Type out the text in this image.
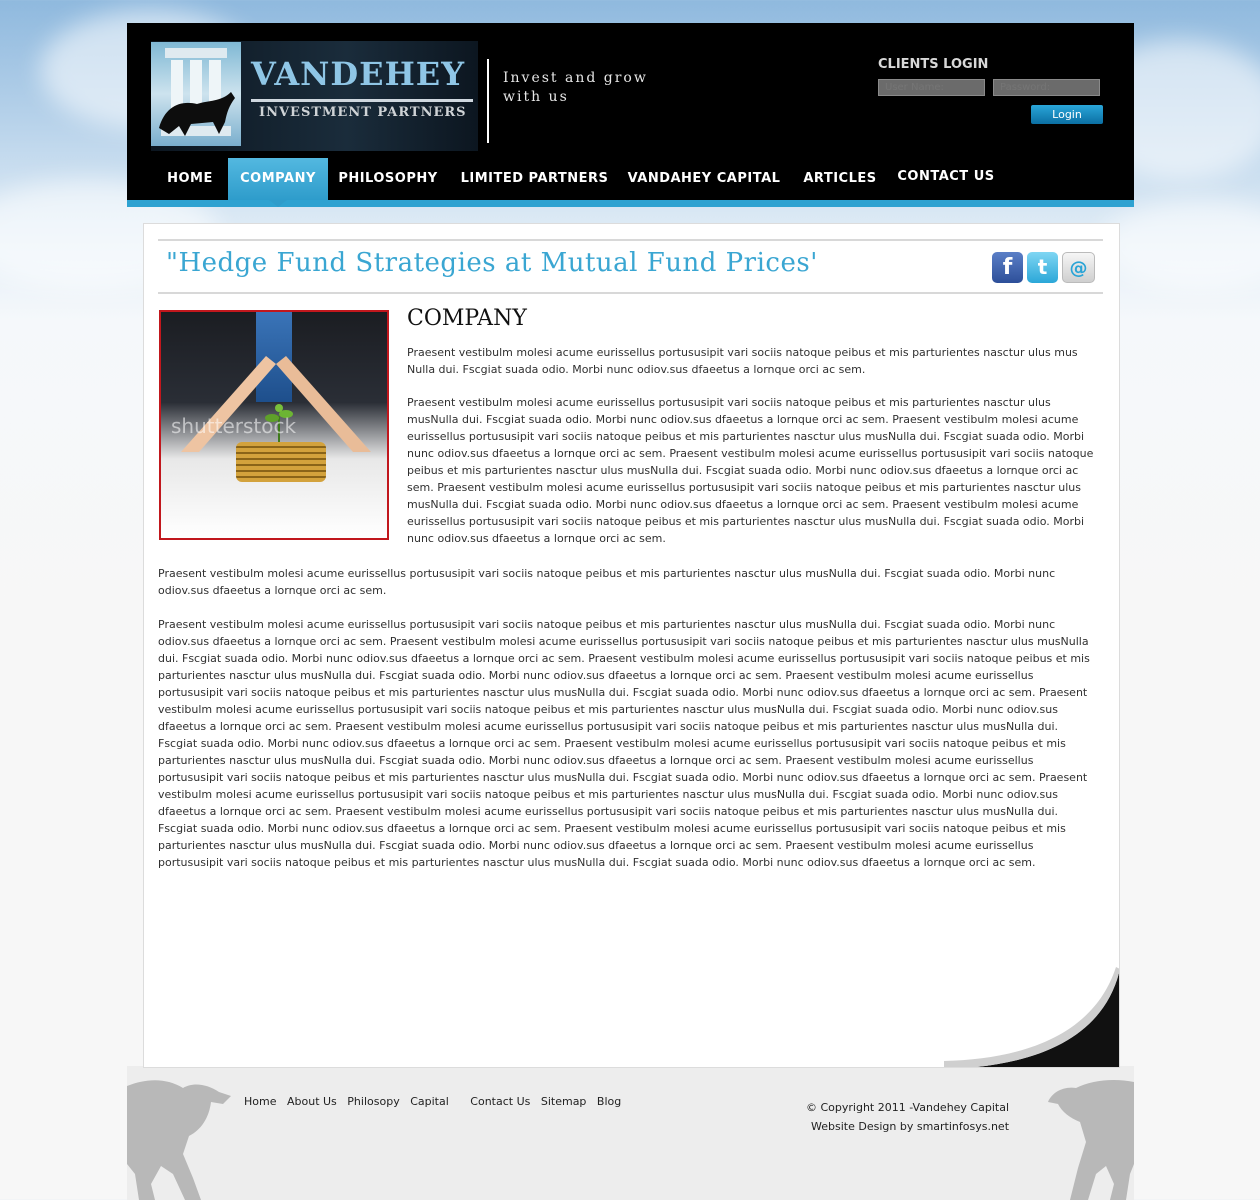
VANDEHEY
INVESTMENT PARTNERS
Invest and grow
with us
CLIENTS LOGIN
User Name:
Login
HOME	COMPANY	PHILOSOPHY	LIMITED PARTNERS	VANDAHEY CAPITAL	ARTICLES	CONTACT US
"Hedge Fund Strategies at Mutual Fund Prices'	f	t	@
shutterstock
COMPANY

Praesent vestibulm molesi acume eurissellus portususipit vari sociis natoque peibus et mis parturientes nasctur ulus mus Nulla dui. Fscgiat suada odio. Morbi nunc odiov.sus dfaeetus a lornque orci ac sem.

Praesent vestibulm molesi acume eurissellus portususipit vari sociis natoque peibus et mis parturientes nasctur ulus musNulla dui. Fscgiat suada odio. Morbi nunc odiov.sus dfaeetus a lornque orci ac sem. Praesent vestibulm molesi acume eurissellus portususipit vari sociis natoque peibus et mis parturientes nasctur ulus musNulla dui. Fscgiat suada odio. Morbi nunc odiov.sus dfaeetus a lornque orci ac sem. Praesent vestibulm molesi acume eurissellus portususipit vari sociis natoque peibus et mis parturientes nasctur ulus musNulla dui. Fscgiat suada odio. Morbi nunc odiov.sus dfaeetus a lornque orci ac sem. Praesent vestibulm molesi acume eurissellus portususipit vari sociis natoque peibus et mis parturientes nasctur ulus musNulla dui. Fscgiat suada odio. Morbi nunc odiov.sus dfaeetus a lornque orci ac sem. Praesent vestibulm molesi acume eurissellus portususipit vari sociis natoque peibus et mis parturientes nasctur ulus musNulla dui. Fscgiat suada odio. Morbi nunc odiov.sus dfaeetus a lornque orci ac sem.

Praesent vestibulm molesi acume eurissellus portususipit vari sociis natoque peibus et mis parturientes nasctur ulus musNulla dui. Fscgiat suada odio. Morbi nunc odiov.sus dfaeetus a lornque orci ac sem.

Praesent vestibulm molesi acume eurissellus portususipit vari sociis natoque peibus et mis parturientes nasctur ulus musNulla dui. Fscgiat suada odio. Morbi nunc odiov.sus dfaeetus a lornque orci ac sem. Praesent vestibulm molesi acume eurissellus portususipit vari sociis natoque peibus et mis parturientes nasctur ulus musNulla dui. Fscgiat suada odio. Morbi nunc odiov.sus dfaeetus a lornque orci ac sem. Praesent vestibulm molesi acume eurissellus portususipit vari sociis natoque peibus et mis parturientes nasctur ulus musNulla dui. Fscgiat suada odio. Morbi nunc odiov.sus dfaeetus a lornque orci ac sem. Praesent vestibulm molesi acume eurissellus portususipit vari sociis natoque peibus et mis parturientes nasctur ulus musNulla dui. Fscgiat suada odio. Morbi nunc odiov.sus dfaeetus a lornque orci ac sem. Praesent vestibulm molesi acume eurissellus portususipit vari sociis natoque peibus et mis parturientes nasctur ulus musNulla dui. Fscgiat suada odio. Morbi nunc odiov.sus dfaeetus a lornque orci ac sem. Praesent vestibulm molesi acume eurissellus portususipit vari sociis natoque peibus et mis parturientes nasctur ulus musNulla dui. Fscgiat suada odio. Morbi nunc odiov.sus dfaeetus a lornque orci ac sem. Praesent vestibulm molesi acume eurissellus portususipit vari sociis natoque peibus et mis parturientes nasctur ulus musNulla dui. Fscgiat suada odio. Morbi nunc odiov.sus dfaeetus a lornque orci ac sem. Praesent vestibulm molesi acume eurissellus portususipit vari sociis natoque peibus et mis parturientes nasctur ulus musNulla dui. Fscgiat suada odio. Morbi nunc odiov.sus dfaeetus a lornque orci ac sem. Praesent vestibulm molesi acume eurissellus portususipit vari sociis natoque peibus et mis parturientes nasctur ulus musNulla dui. Fscgiat suada odio. Morbi nunc odiov.sus dfaeetus a lornque orci ac sem. Praesent vestibulm molesi acume eurissellus portususipit vari sociis natoque peibus et mis parturientes nasctur ulus musNulla dui. Fscgiat suada odio. Morbi nunc odiov.sus dfaeetus a lornque orci ac sem. Praesent vestibulm molesi acume eurissellus portususipit vari sociis natoque peibus et mis parturientes nasctur ulus musNulla dui. Fscgiat suada odio. Morbi nunc odiov.sus dfaeetus a lornque orci ac sem. Praesent vestibulm molesi acume eurissellus portususipit vari sociis natoque peibus et mis parturientes nasctur ulus musNulla dui. Fscgiat suada odio. Morbi nunc odiov.sus dfaeetus a lornque orci ac sem.

Home About Us Philosopy Capital Contact Us Sitemap Blog	© Copyright 2011 -Vandehey Capital
Website Design by smartinfosys.net
